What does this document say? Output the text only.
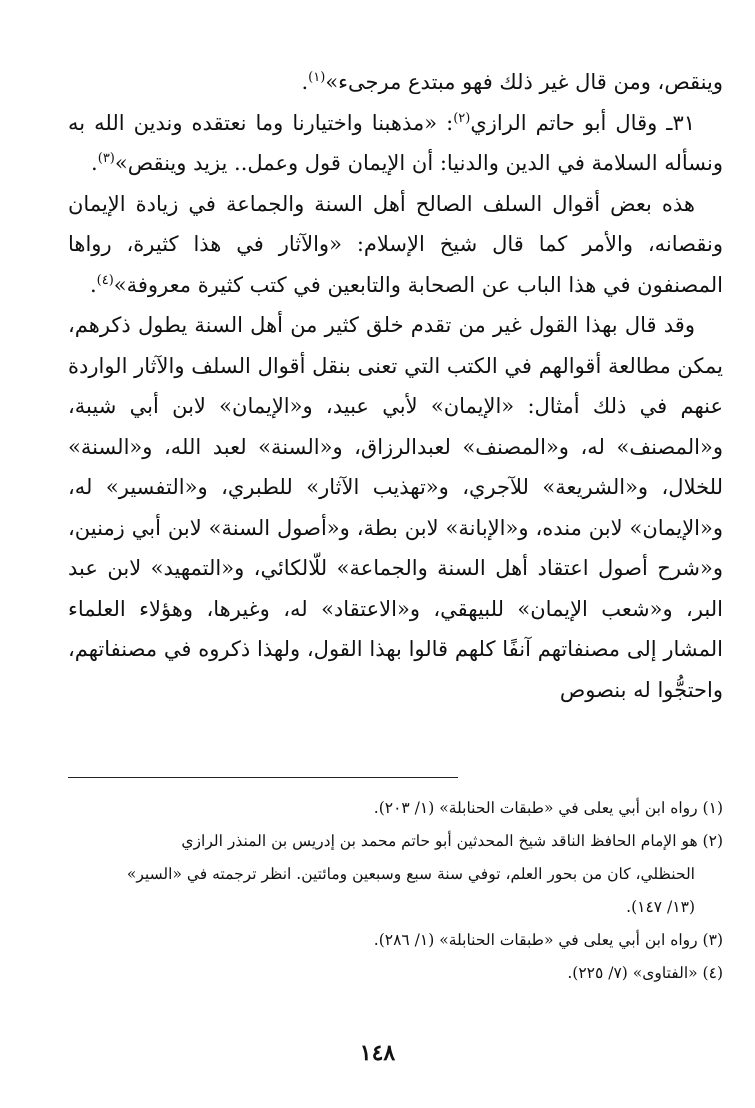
وينقص، ومن قال غير ذلك فهو مبتدع مرجىء»$^{(١)}$.

٣١ـ وقال أبو حاتم الرازي$^{(٢)}$: «مذهبنا واختيارنا وما نعتقده وندين الله به ونسأله السلامة في الدين والدنيا: أن الإيمان قول وعمل.. يزيد وينقص»$^{(٣)}$.

هذه بعض أقوال السلف الصالح أهل السنة والجماعة في زيادة الإيمان ونقصانه، والأمر كما قال شيخ الإسلام: «والآثار في هذا كثيرة، رواها المصنفون في هذا الباب عن الصحابة والتابعين في كتب كثيرة معروفة»$^{(٤)}$.

وقد قال بهذا القول غير من تقدم خلق كثير من أهل السنة يطول ذكرهم، يمكن مطالعة أقوالهم في الكتب التي تعنى بنقل أقوال السلف والآثار الواردة عنهم في ذلك أمثال: «الإيمان» لأبي عبيد، و«الإيمان» لابن أبي شيبة، و«المصنف» له، و«المصنف» لعبدالرزاق، و«السنة» لعبد الله، و«السنة» للخلال، و«الشريعة» للآجري، و«تهذيب الآثار» للطبري، و«التفسير» له، و«الإيمان» لابن منده، و«الإبانة» لابن بطة، و«أصول السنة» لابن أبي زمنين، و«شرح أصول اعتقاد أهل السنة والجماعة» للّالكائي، و«التمهيد» لابن عبد البر، و«شعب الإيمان» للبيهقي، و«الاعتقاد» له، وغيرها، وهؤلاء العلماء المشار إلى مصنفاتهم آنفًا كلهم قالوا بهذا القول، ولهذا ذكروه في مصنفاتهم، واحتجُّوا له بنصوص

(١) رواه ابن أبي يعلى في «طبقات الحنابلة» (١/ ٢٠٣).

(٢) هو الإمام الحافظ الناقد شيخ المحدثين أبو حاتم محمد بن إدريس بن المنذر الرازي

الحنظلي، كان من بحور العلم، توفي سنة سبع وسبعين ومائتين. انظر ترجمته في «السير»

(١٣/ ١٤٧).

(٣) رواه ابن أبي يعلى في «طبقات الحنابلة» (١/ ٢٨٦).

(٤) «الفتاوى» (٧/ ٢٢٥).

١٤٨
